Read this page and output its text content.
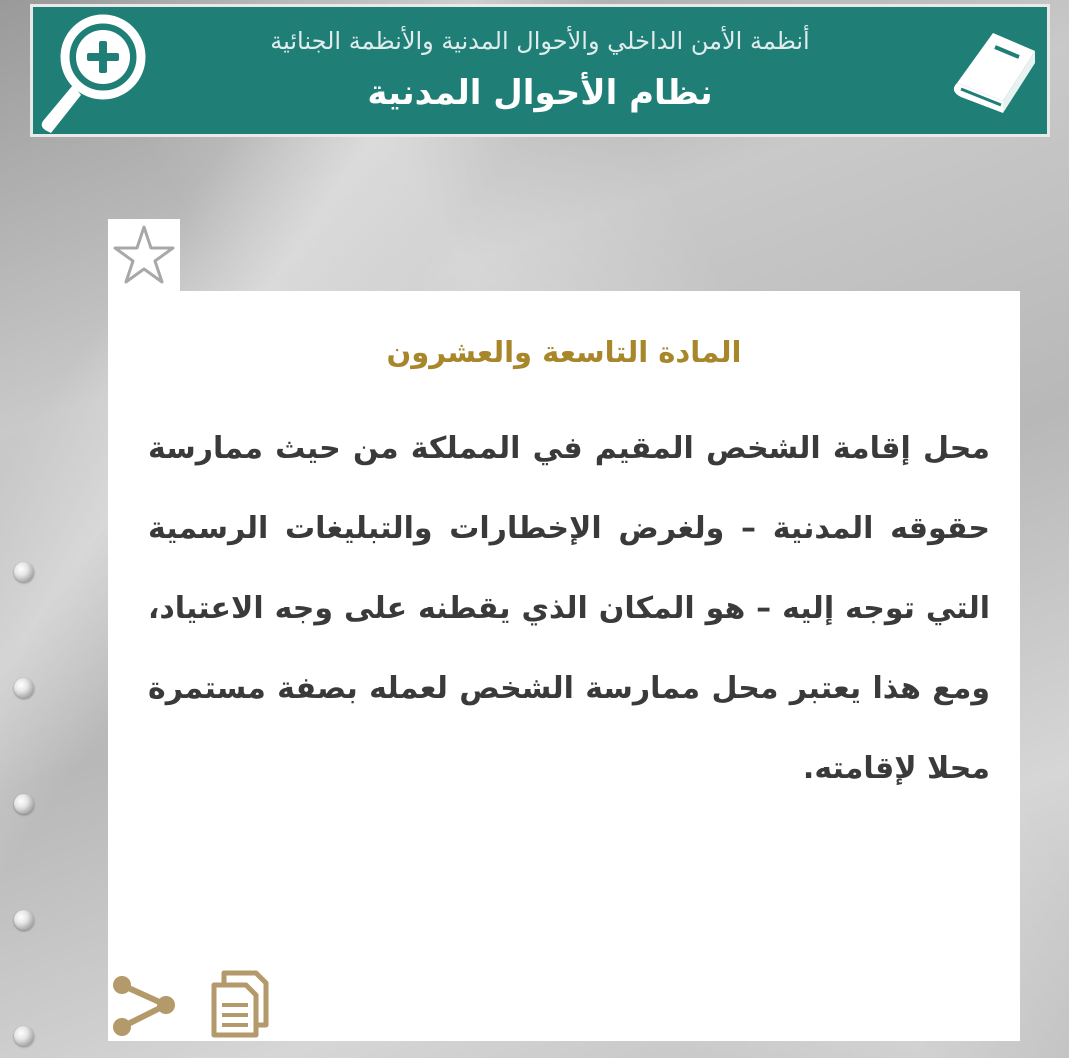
أنظمة الأمن الداخلي والأحوال المدنية والأنظمة الجنائية
نظام الأحوال المدنية
المادة التاسعة والعشرون
محل إقامة الشخص المقيم في المملكة من حيث ممارسة حقوقه المدنية – ولغرض الإخطارات والتبليغات الرسمية التي توجه إليه – هو المكان الذي يقطنه على وجه الاعتياد، ومع هذا يعتبر محل ممارسة الشخص لعمله بصفة مستمرة محلا لإقامته.
